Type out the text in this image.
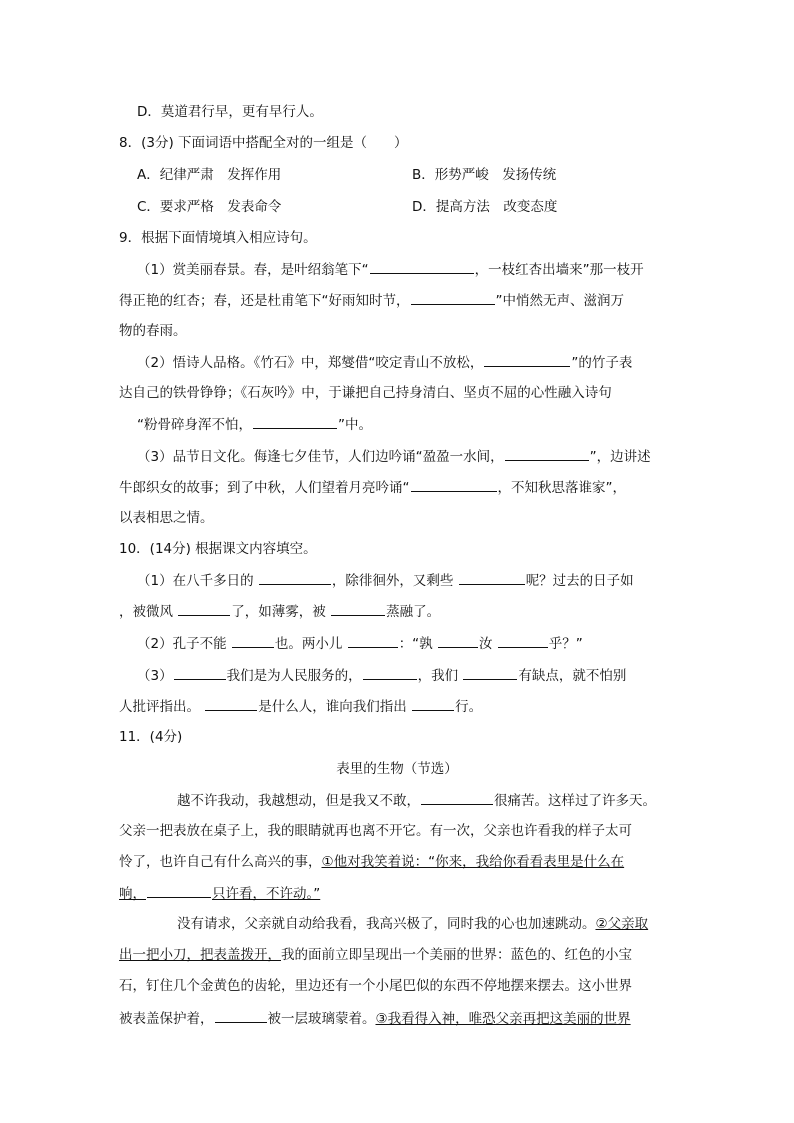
D．莫道君行早，更有早行人。
8．(3分) 下面词语中搭配全对的一组是（　　）
A．纪律严肃　发挥作用	B．形势严峻　发扬传统
C．要求严格　发表命令	D．提高方法　改变态度
9．根据下面情境填入相应诗句。
（1）赏美丽春景。春，是叶绍翁笔下“	，一枝红杏出墙来”那一枝开
得正艳的红杏；春，还是杜甫笔下“好雨知时节，	”中悄然无声、滋润万
物的春雨。
（2）悟诗人品格。《竹石》中，郑燮借“咬定青山不放松，	”的竹子表
达自己的铁骨铮铮；《石灰吟》中，于谦把自己持身清白、坚贞不屈的心性融入诗句
“粉骨碎身浑不怕，	”中。
（3）品节日文化。侮逢七夕佳节，人们边吟诵“盈盈一水间，	”，边讲述
牛郎织女的故事；到了中秋，人们望着月亮吟诵“	，不知秋思落谁家”，
以表相思之情。
10．(14分) 根据课文内容填空。
（1）在八千多日的	，除徘徊外，又剩些	呢？过去的日子如
，被微风	了，如薄雾，被	蒸融了。
（2）孔子不能	也。两小儿	：“孰	汝	乎？”
（3）	我们是为人民服务的，	，我们	有缺点，就不怕别
人批评指出。	是什么人，谁向我们指出	行。
11．(4分)
表里的生物（节选）
越不许我动，我越想动，但是我又不敢，	很痛苦。这样过了许多天。
父亲一把表放在桌子上，我的眼睛就再也离不开它。有一次，父亲也许看我的样子太可
怜了，也许自己有什么高兴的事，①他对我笑着说：“你来，我给你看看表里是什么在
响，	只许看，不许动。”
没有请求，父亲就自动给我看，我高兴极了，同时我的心也加速跳动。②父亲取
出一把小刀，把表盖拨开，我的面前立即呈现出一个美丽的世界：蓝色的、红色的小宝
石，钉住几个金黄色的齿轮，里边还有一个小尾巴似的东西不停地摆来摆去。这小世界
被表盖保护着，	被一层玻璃蒙着。③我看得入神，唯恐父亲再把这美丽的世界
